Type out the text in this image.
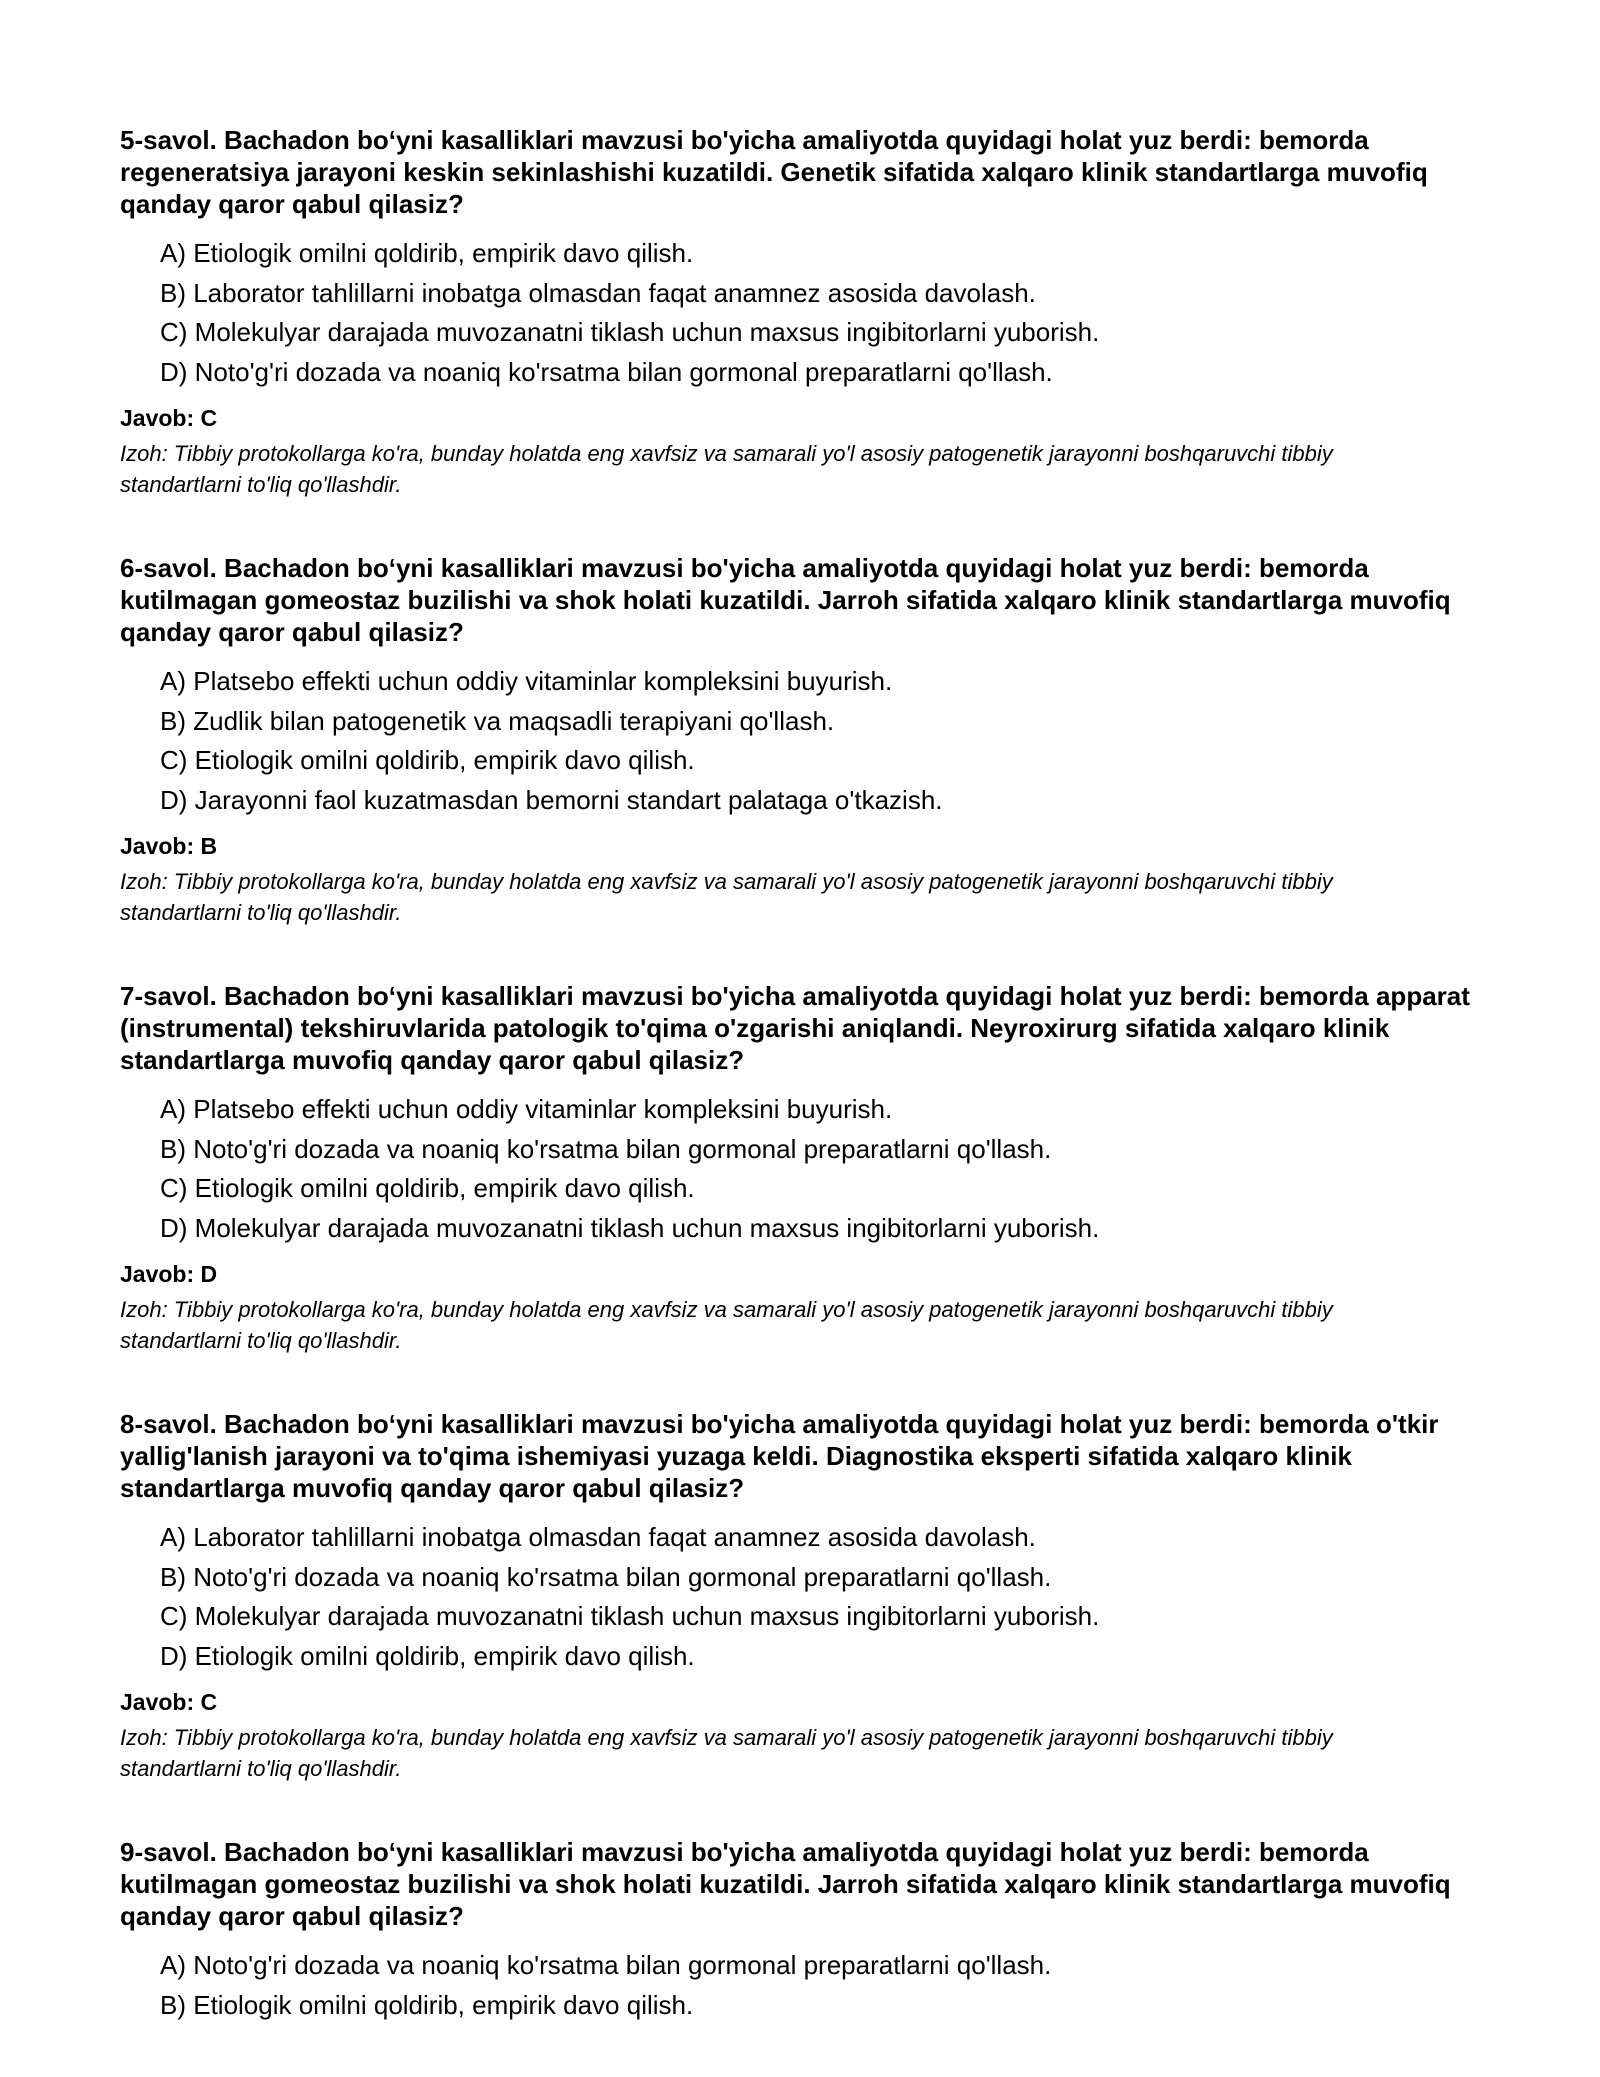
5-savol. Bachadon bo‘yni kasalliklari mavzusi bo'yicha amaliyotda quyidagi holat yuz berdi: bemorda regeneratsiya jarayoni keskin sekinlashishi kuzatildi. Genetik sifatida xalqaro klinik standartlarga muvofiq qanday qaror qabul qilasiz?

A) Etiologik omilni qoldirib, empirik davo qilish.
B) Laborator tahlillarni inobatga olmasdan faqat anamnez asosida davolash.
C) Molekulyar darajada muvozanatni tiklash uchun maxsus ingibitorlarni yuborish.
D) Noto'g'ri dozada va noaniq ko'rsatma bilan gormonal preparatlarni qo'llash.

Javob: C

Izoh: Tibbiy protokollarga ko'ra, bunday holatda eng xavfsiz va samarali yo'l asosiy patogenetik jarayonni boshqaruvchi tibbiy standartlarni to'liq qo'llashdir.

6-savol. Bachadon bo‘yni kasalliklari mavzusi bo'yicha amaliyotda quyidagi holat yuz berdi: bemorda kutilmagan gomeostaz buzilishi va shok holati kuzatildi. Jarroh sifatida xalqaro klinik standartlarga muvofiq qanday qaror qabul qilasiz?

A) Platsebo effekti uchun oddiy vitaminlar kompleksini buyurish.
B) Zudlik bilan patogenetik va maqsadli terapiyani qo'llash.
C) Etiologik omilni qoldirib, empirik davo qilish.
D) Jarayonni faol kuzatmasdan bemorni standart palataga o'tkazish.

Javob: B

Izoh: Tibbiy protokollarga ko'ra, bunday holatda eng xavfsiz va samarali yo'l asosiy patogenetik jarayonni boshqaruvchi tibbiy standartlarni to'liq qo'llashdir.

7-savol. Bachadon bo‘yni kasalliklari mavzusi bo'yicha amaliyotda quyidagi holat yuz berdi: bemorda apparat (instrumental) tekshiruvlarida patologik to'qima o'zgarishi aniqlandi. Neyroxirurg sifatida xalqaro klinik standartlarga muvofiq qanday qaror qabul qilasiz?

A) Platsebo effekti uchun oddiy vitaminlar kompleksini buyurish.
B) Noto'g'ri dozada va noaniq ko'rsatma bilan gormonal preparatlarni qo'llash.
C) Etiologik omilni qoldirib, empirik davo qilish.
D) Molekulyar darajada muvozanatni tiklash uchun maxsus ingibitorlarni yuborish.

Javob: D

Izoh: Tibbiy protokollarga ko'ra, bunday holatda eng xavfsiz va samarali yo'l asosiy patogenetik jarayonni boshqaruvchi tibbiy standartlarni to'liq qo'llashdir.

8-savol. Bachadon bo‘yni kasalliklari mavzusi bo'yicha amaliyotda quyidagi holat yuz berdi: bemorda o'tkir yallig'lanish jarayoni va to'qima ishemiyasi yuzaga keldi. Diagnostika eksperti sifatida xalqaro klinik standartlarga muvofiq qanday qaror qabul qilasiz?

A) Laborator tahlillarni inobatga olmasdan faqat anamnez asosida davolash.
B) Noto'g'ri dozada va noaniq ko'rsatma bilan gormonal preparatlarni qo'llash.
C) Molekulyar darajada muvozanatni tiklash uchun maxsus ingibitorlarni yuborish.
D) Etiologik omilni qoldirib, empirik davo qilish.

Javob: C

Izoh: Tibbiy protokollarga ko'ra, bunday holatda eng xavfsiz va samarali yo'l asosiy patogenetik jarayonni boshqaruvchi tibbiy standartlarni to'liq qo'llashdir.

9-savol. Bachadon bo‘yni kasalliklari mavzusi bo'yicha amaliyotda quyidagi holat yuz berdi: bemorda kutilmagan gomeostaz buzilishi va shok holati kuzatildi. Jarroh sifatida xalqaro klinik standartlarga muvofiq qanday qaror qabul qilasiz?

A) Noto'g'ri dozada va noaniq ko'rsatma bilan gormonal preparatlarni qo'llash.
B) Etiologik omilni qoldirib, empirik davo qilish.
